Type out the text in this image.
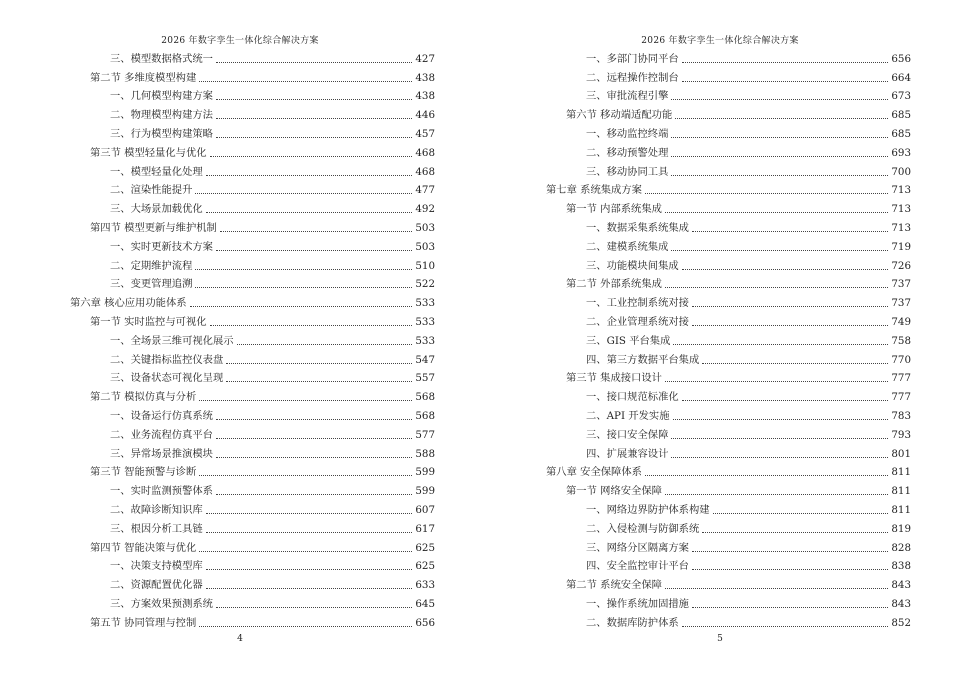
2026 年数字孪生一体化综合解决方案
三、模型数据格式统一	427
第二节 多维度模型构建	438
一、几何模型构建方案	438
二、物理模型构建方法	446
三、行为模型构建策略	457
第三节 模型轻量化与优化	468
一、模型轻量化处理	468
二、渲染性能提升	477
三、大场景加载优化	492
第四节 模型更新与维护机制	503
一、实时更新技术方案	503
二、定期维护流程	510
三、变更管理追溯	522
第六章 核心应用功能体系	533
第一节 实时监控与可视化	533
一、全场景三维可视化展示	533
二、关键指标监控仪表盘	547
三、设备状态可视化呈现	557
第二节 模拟仿真与分析	568
一、设备运行仿真系统	568
二、业务流程仿真平台	577
三、异常场景推演模块	588
第三节 智能预警与诊断	599
一、实时监测预警体系	599
二、故障诊断知识库	607
三、根因分析工具链	617
第四节 智能决策与优化	625
一、决策支持模型库	625
二、资源配置优化器	633
三、方案效果预测系统	645
第五节 协同管理与控制	656
4
2026 年数字孪生一体化综合解决方案
一、多部门协同平台	656
二、远程操作控制台	664
三、审批流程引擎	673
第六节 移动端适配功能	685
一、移动监控终端	685
二、移动预警处理	693
三、移动协同工具	700
第七章 系统集成方案	713
第一节 内部系统集成	713
一、数据采集系统集成	713
二、建模系统集成	719
三、功能模块间集成	726
第二节 外部系统集成	737
一、工业控制系统对接	737
二、企业管理系统对接	749
三、GIS 平台集成	758
四、第三方数据平台集成	770
第三节 集成接口设计	777
一、接口规范标准化	777
二、API 开发实施	783
三、接口安全保障	793
四、扩展兼容设计	801
第八章 安全保障体系	811
第一节 网络安全保障	811
一、网络边界防护体系构建	811
二、入侵检测与防御系统	819
三、网络分区隔离方案	828
四、安全监控审计平台	838
第二节 系统安全保障	843
一、操作系统加固措施	843
二、数据库防护体系	852
5
